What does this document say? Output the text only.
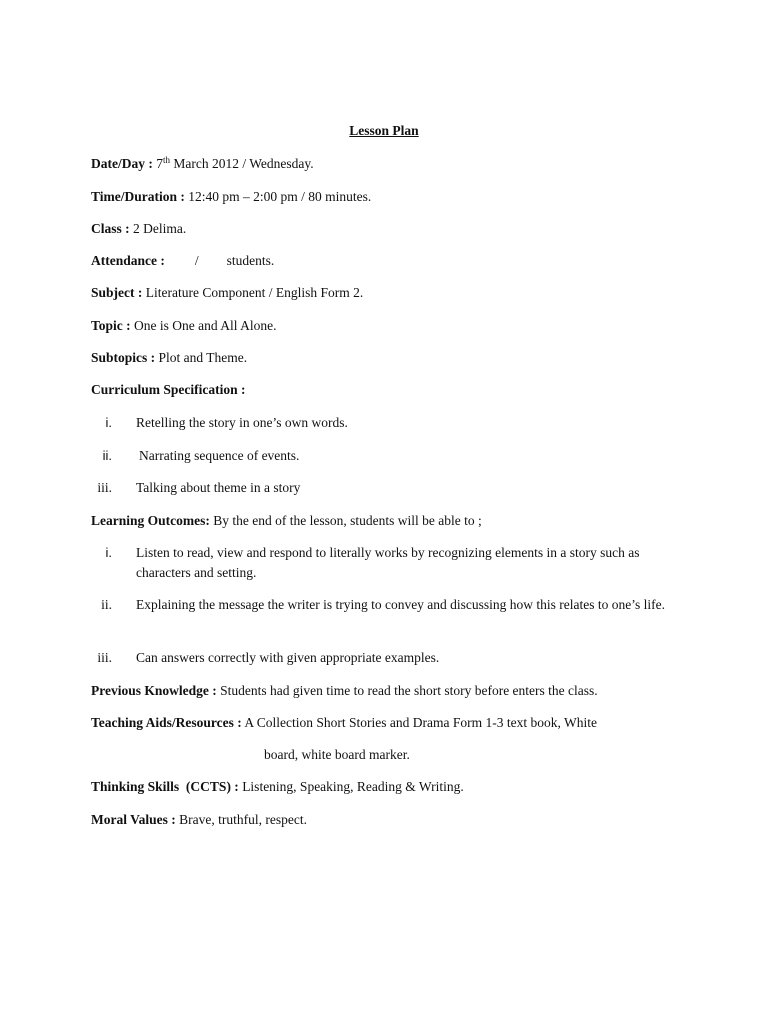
Lesson Plan
Date/Day : 7th March 2012 / Wednesday.
Time/Duration : 12:40 pm – 2:00 pm / 80 minutes.
Class : 2 Delima.
Attendance : / students.
Subject : Literature Component / English Form 2.
Topic : One is One and All Alone.
Subtopics : Plot and Theme.
Curriculum Specification :
i. Retelling the story in one’s own words.
ii. Narrating sequence of events.
iii. Talking about theme in a story
Learning Outcomes: By the end of the lesson, students will be able to ;
i. Listen to read, view and respond to literally works by recognizing elements in a story such as characters and setting.
ii. Explaining the message the writer is trying to convey and discussing how this relates to one’s life.
iii. Can answers correctly with given appropriate examples.
Previous Knowledge : Students had given time to read the short story before enters the class.
Teaching Aids/Resources : A Collection Short Stories and Drama Form 1-3 text book, White
board, white board marker.
Thinking Skills  (CCTS) : Listening, Speaking, Reading & Writing.
Moral Values : Brave, truthful, respect.
